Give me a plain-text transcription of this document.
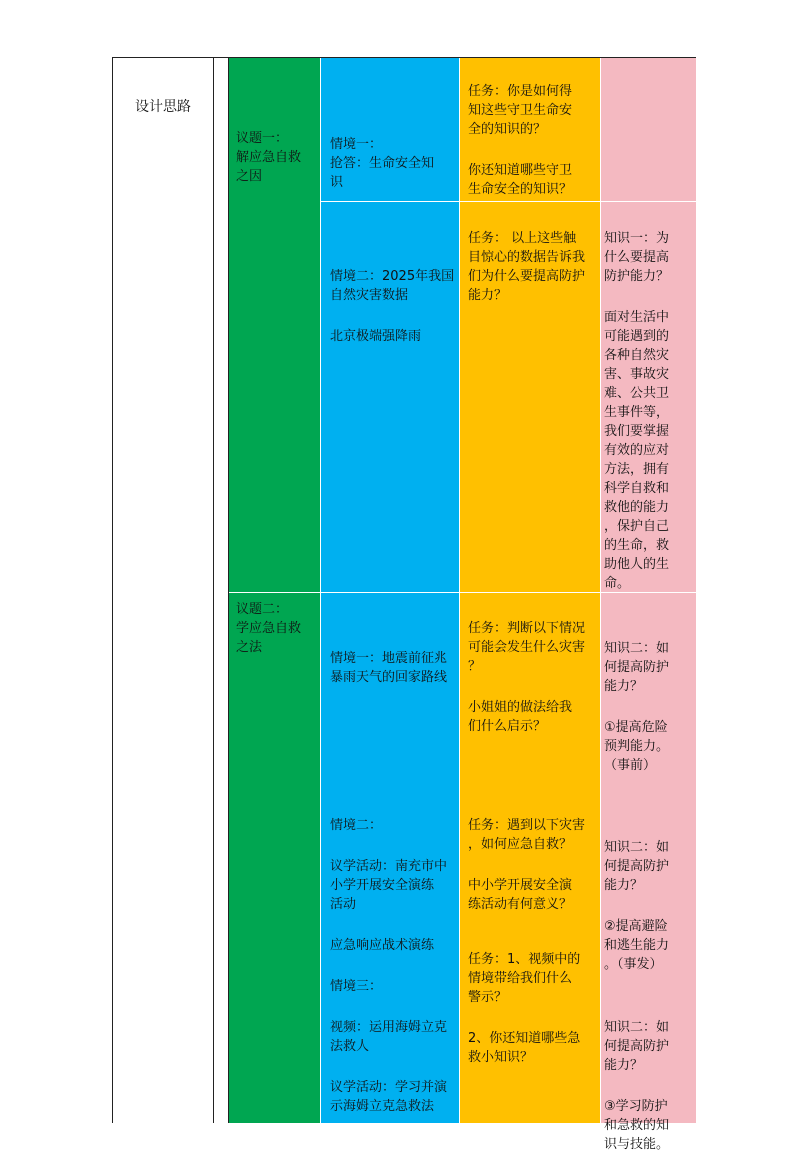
设计思路
议题一：
解应急自救
之因
议题二：
学应急自救
之法

情境一：
抢答：生命安全知
识

情境二：2025年我国
自然灾害数据

北京极端强降雨

情境一：地震前征兆
暴雨天气的回家路线

情境二：

议学活动：南充市中
小学开展安全演练
活动

应急响应战术演练

情境三：

视频：运用海姆立克
法救人

议学活动：学习并演
示海姆立克急救法

任务：你是如何得
知这些守卫生命安
全的知识的？

你还知道哪些守卫
生命安全的知识？

任务： 以上这些触
目惊心的数据告诉我
们为什么要提高防护
能力？

任务：判断以下情况
可能会发生什么灾害
？

小姐姐的做法给我
们什么启示？

任务：遇到以下灾害
，如何应急自救？

中小学开展安全演
练活动有何意义？

任务：1、视频中的
情境带给我们什么
警示？

2、你还知道哪些急
救小知识？

知识一：为
什么要提高
防护能力？

面对生活中
可能遇到的
各种自然灾
害、事故灾
难、公共卫
生事件等，
我们要掌握
有效的应对
方法，拥有
科学自救和
救他的能力
，保护自己
的生命，救
助他人的生
命。

知识二：如
何提高防护
能力？

①提高危险
预判能力。
（事前）

知识二：如
何提高防护
能力？

②提高避险
和逃生能力
。（事发）

知识二：如
何提高防护
能力？

③学习防护
和急救的知
识与技能。
